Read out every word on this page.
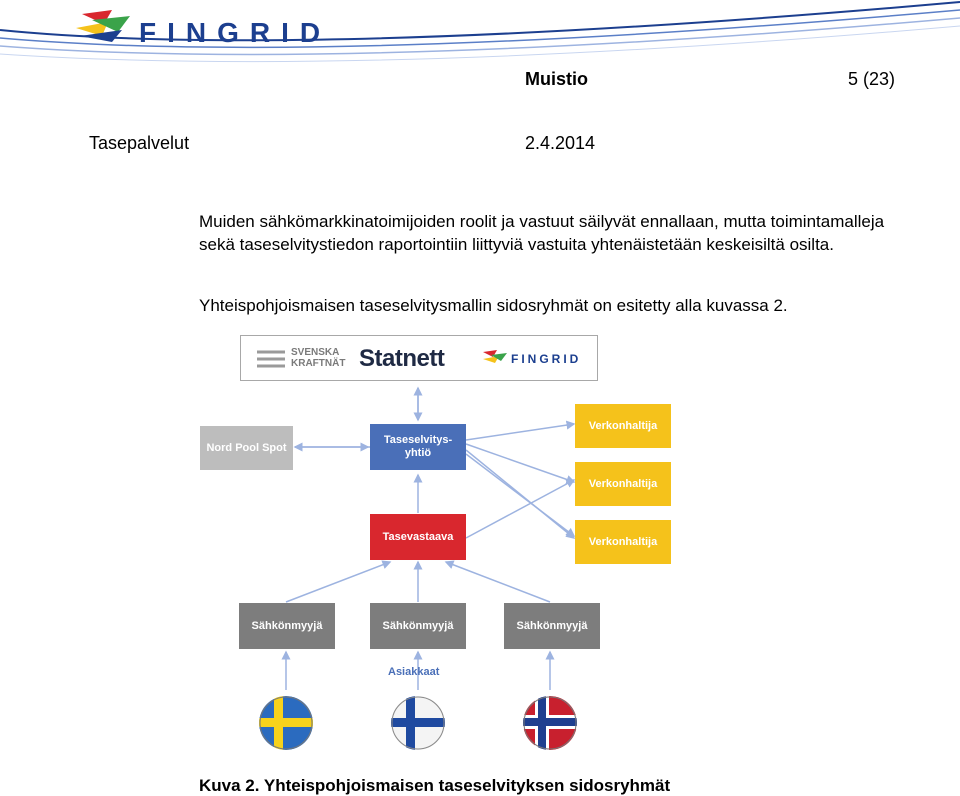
FINGRID
Muistio	5 (23)
Tasepalvelut	2.4.2014
Muiden sähkömarkkinatoimijoiden roolit ja vastuut säilyvät ennallaan, mutta toimintamalleja sekä taseselvitystiedon raportointiin liittyviä vastuita yhtenäistetään keskeisiltä osilta.
Yhteispohjoismaisen taseselvitysmallin sidosryhmät on esitetty alla kuvassa 2.
SVENSKA
KRAFTNÄT Statnett	FINGRID
Nord Pool Spot
Taseselvitys-
yhtiö
Verkonhaltija
Verkonhaltija
Verkonhaltija
Tasevastaava
Sähkönmyyjä	Sähkönmyyjä	Sähkönmyyjä
Asiakkaat
Kuva 2. Yhteispohjoismaisen taseselvityksen sidosryhmät
